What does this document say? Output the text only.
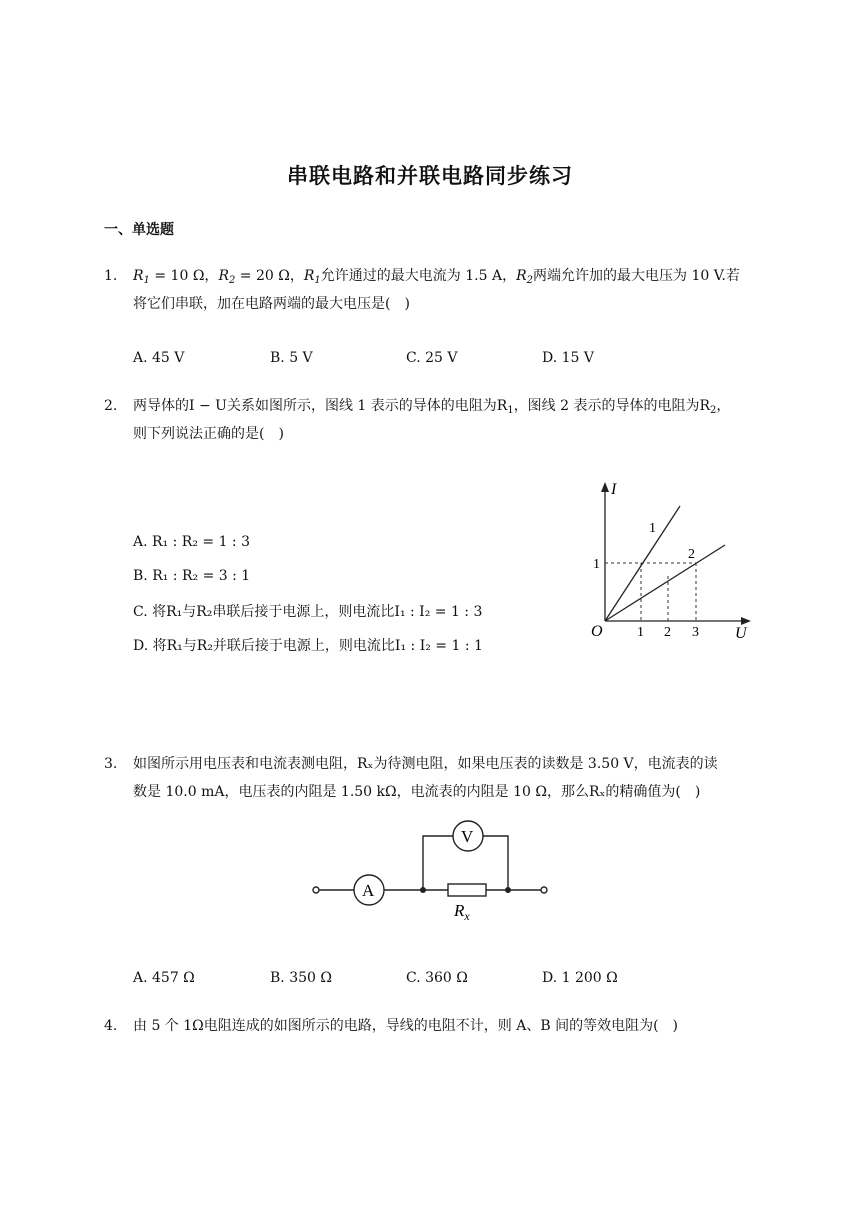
串联电路和并联电路同步练习
一、单选题
1. $R_1 = 10$ Ω，$R_2 = 20$ Ω，$R_1$允许通过的最大电流为 1.5 A，$R_2$两端允许加的最大电压为 10 V.若
将它们串联，加在电路两端的最大电压是(　)
A. 45 V	B. 5 V	C. 25 V	D. 15 V
2. 两导体的I − U关系如图所示，图线 1 表示的导体的电阻为$R_1$，图线 2 表示的导体的电阻为$R_2$，
则下列说法正确的是(　)
A. R₁ : R₂ = 1 : 3
B. R₁ : R₂ = 3 : 1
C. 将R₁与R₂串联后接于电源上，则电流比I₁ : I₂ = 1 : 3
D. 将R₁与R₂并联后接于电源上，则电流比I₁ : I₂ = 1 : 1
I
U
O
1
2
1
1 2 3
3. 如图所示用电压表和电流表测电阻，Rₓ为待测电阻，如果电压表的读数是 3.50 V，电流表的读
数是 10.0 mA，电压表的内阻是 1.50 kΩ，电流表的内阻是 10 Ω，那么Rₓ的精确值为(　)
A
V
$R_x$
A. 457 Ω	B. 350 Ω	C. 360 Ω	D. 1 200 Ω
4. 由 5 个 1Ω电阻连成的如图所示的电路，导线的电阻不计，则 A、B 间的等效电阻为(　)
